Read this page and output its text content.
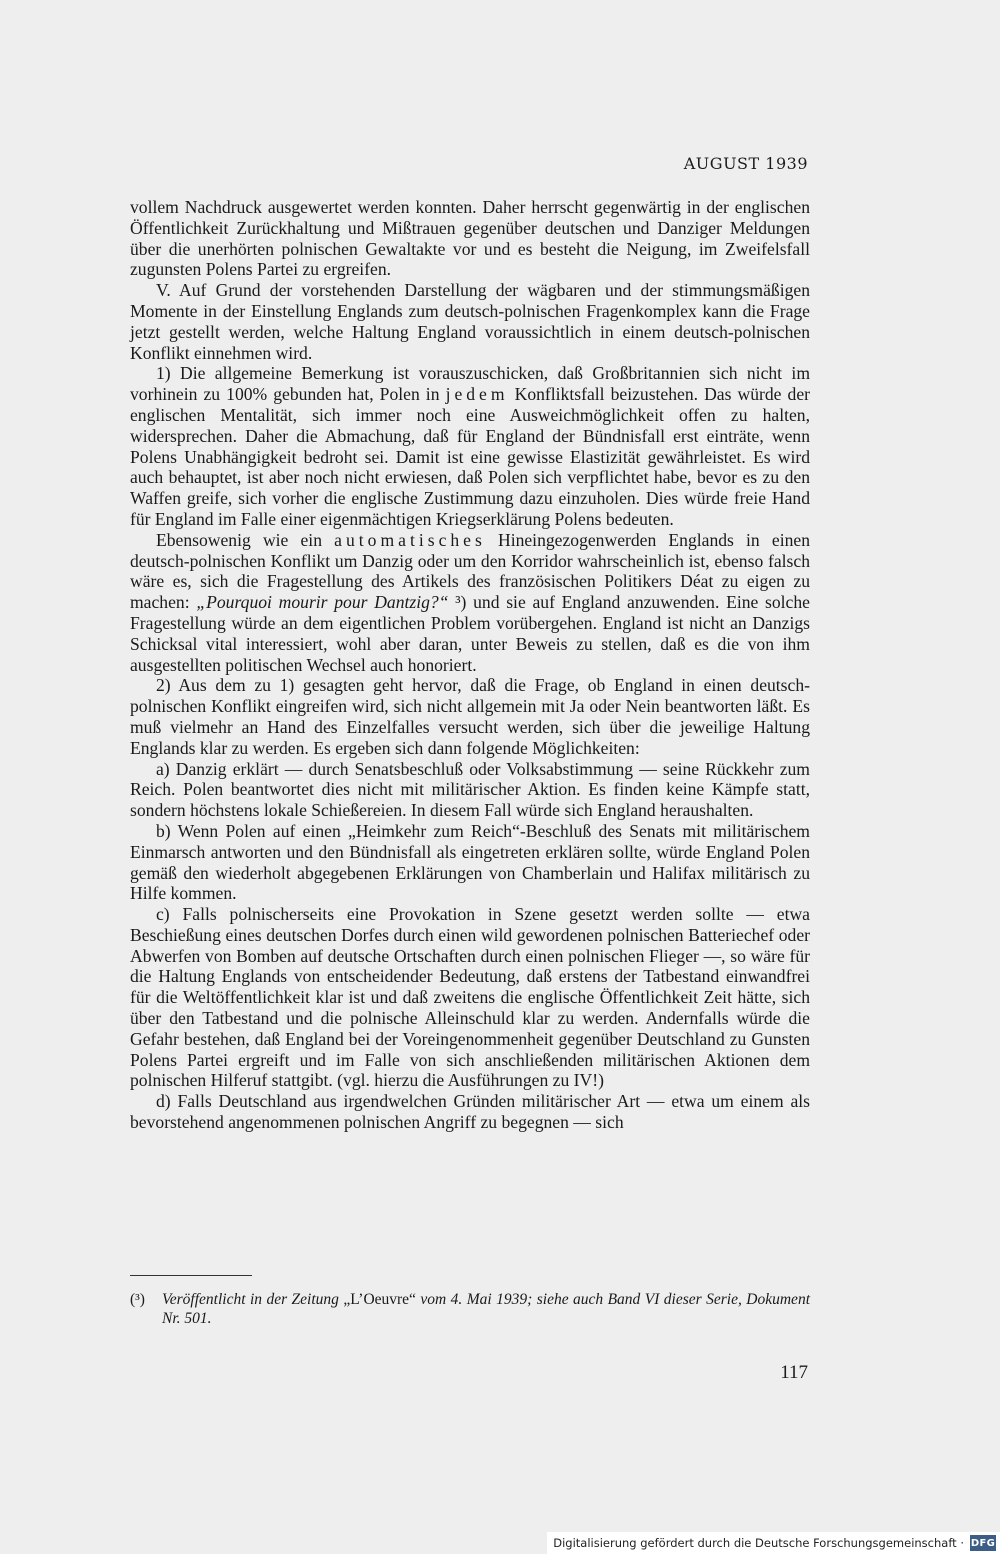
AUGUST 1939

vollem Nachdruck ausgewertet werden konnten. Daher herrscht gegenwärtig in der englischen Öffentlichkeit Zurückhaltung und Mißtrauen gegenüber deutschen und Danziger Meldungen über die unerhörten polnischen Gewaltakte vor und es besteht die Neigung, im Zweifelsfall zugunsten Polens Partei zu ergreifen.

V. Auf Grund der vorstehenden Darstellung der wägbaren und der stimmungsmäßigen Momente in der Einstellung Englands zum deutsch-polnischen Fragenkomplex kann die Frage jetzt gestellt werden, welche Haltung England voraussichtlich in einem deutsch-polnischen Konflikt einnehmen wird.

1) Die allgemeine Bemerkung ist vorauszuschicken, daß Großbritannien sich nicht im vorhinein zu 100% gebunden hat, Polen in jedem Konfliktsfall beizustehen. Das würde der englischen Mentalität, sich immer noch eine Ausweichmöglichkeit offen zu halten, widersprechen. Daher die Abmachung, daß für England der Bündnisfall erst einträte, wenn Polens Unabhängigkeit bedroht sei. Damit ist eine gewisse Elastizität gewährleistet. Es wird auch behauptet, ist aber noch nicht erwiesen, daß Polen sich verpflichtet habe, bevor es zu den Waffen greife, sich vorher die englische Zustimmung dazu einzuholen. Dies würde freie Hand für England im Falle einer eigenmächtigen Kriegserklärung Polens bedeuten.

Ebensowenig wie ein automatisches Hineingezogenwerden Englands in einen deutsch-polnischen Konflikt um Danzig oder um den Korridor wahrscheinlich ist, ebenso falsch wäre es, sich die Fragestellung des Artikels des französischen Politikers Déat zu eigen zu machen: „Pourquoi mourir pour Dantzig?“ ³) und sie auf England anzuwenden. Eine solche Fragestellung würde an dem eigentlichen Problem vorübergehen. England ist nicht an Danzigs Schicksal vital interessiert, wohl aber daran, unter Beweis zu stellen, daß es die von ihm ausgestellten politischen Wechsel auch honoriert.

2) Aus dem zu 1) gesagten geht hervor, daß die Frage, ob England in einen deutsch-polnischen Konflikt eingreifen wird, sich nicht allgemein mit Ja oder Nein beantworten läßt. Es muß vielmehr an Hand des Einzelfalles versucht werden, sich über die jeweilige Haltung Englands klar zu werden. Es ergeben sich dann folgende Möglichkeiten:

a) Danzig erklärt — durch Senatsbeschluß oder Volksabstimmung — seine Rückkehr zum Reich. Polen beantwortet dies nicht mit militärischer Aktion. Es finden keine Kämpfe statt, sondern höchstens lokale Schießereien. In diesem Fall würde sich England heraushalten.

b) Wenn Polen auf einen „Heimkehr zum Reich“-Beschluß des Senats mit militärischem Einmarsch antworten und den Bündnisfall als eingetreten erklären sollte, würde England Polen gemäß den wiederholt abgegebenen Erklärungen von Chamberlain und Halifax militärisch zu Hilfe kommen.

c) Falls polnischerseits eine Provokation in Szene gesetzt werden sollte — etwa Beschießung eines deutschen Dorfes durch einen wild gewordenen polnischen Batteriechef oder Abwerfen von Bomben auf deutsche Ortschaften durch einen polnischen Flieger —, so wäre für die Haltung Englands von entscheidender Bedeutung, daß erstens der Tatbestand einwandfrei für die Weltöffentlichkeit klar ist und daß zweitens die englische Öffentlichkeit Zeit hätte, sich über den Tatbestand und die polnische Alleinschuld klar zu werden. Andernfalls würde die Gefahr bestehen, daß England bei der Voreingenommenheit gegenüber Deutschland zu Gunsten Polens Partei ergreift und im Falle von sich anschließenden militärischen Aktionen dem polnischen Hilferuf stattgibt. (vgl. hierzu die Ausführungen zu IV!)

d) Falls Deutschland aus irgendwelchen Gründen militärischer Art — etwa um einem als bevorstehend angenommenen polnischen Angriff zu begegnen — sich

(³) Veröffentlicht in der Zeitung „L’Oeuvre“ vom 4. Mai 1939; siehe auch Band VI dieser Serie, Dokument Nr. 501.
117
Digitalisierung gefördert durch die Deutsche Forschungsgemeinschaft · DFG
